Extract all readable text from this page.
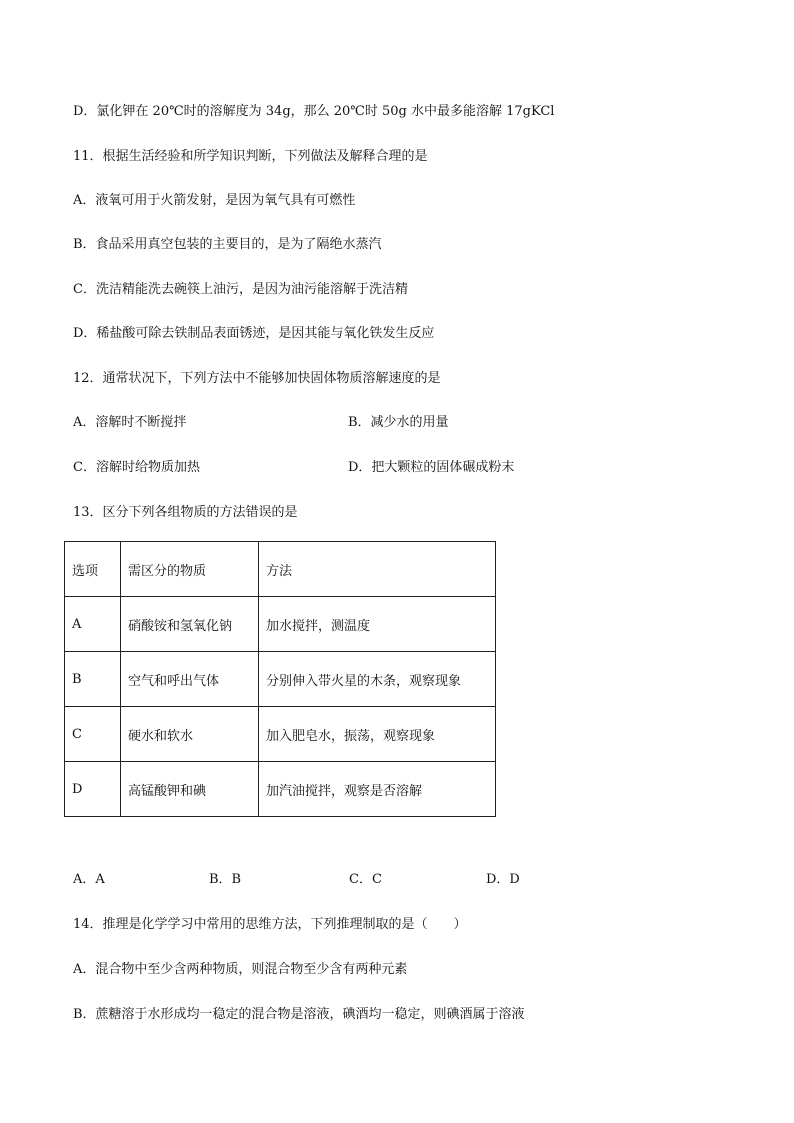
D．氯化钾在 20℃时的溶解度为 34g，那么 20℃时 50g 水中最多能溶解 17gKCl
11．根据生活经验和所学知识判断，下列做法及解释合理的是
A．液氧可用于火箭发射，是因为氧气具有可燃性
B．食品采用真空包装的主要目的，是为了隔绝水蒸汽
C．洗洁精能洗去碗筷上油污，是因为油污能溶解于洗洁精
D．稀盐酸可除去铁制品表面锈迹，是因其能与氧化铁发生反应
12．通常状况下，下列方法中不能够加快固体物质溶解速度的是
A．溶解时不断搅拌	B．减少水的用量
C．溶解时给物质加热	D．把大颗粒的固体碾成粉末
13．区分下列各组物质的方法错误的是
选项	需区分的物质	方法
A	硝酸铵和氢氧化钠	加水搅拌，测温度
B	空气和呼出气体	分别伸入带火星的木条，观察现象
C	硬水和软水	加入肥皂水，振荡，观察现象
D	高锰酸钾和碘	加汽油搅拌，观察是否溶解
A．A	B．B	C．C	D．D
14．推理是化学学习中常用的思维方法，下列推理制取的是（　　）
A．混合物中至少含两种物质，则混合物至少含有两种元素
B．蔗糖溶于水形成均一稳定的混合物是溶液，碘酒均一稳定，则碘酒属于溶液
